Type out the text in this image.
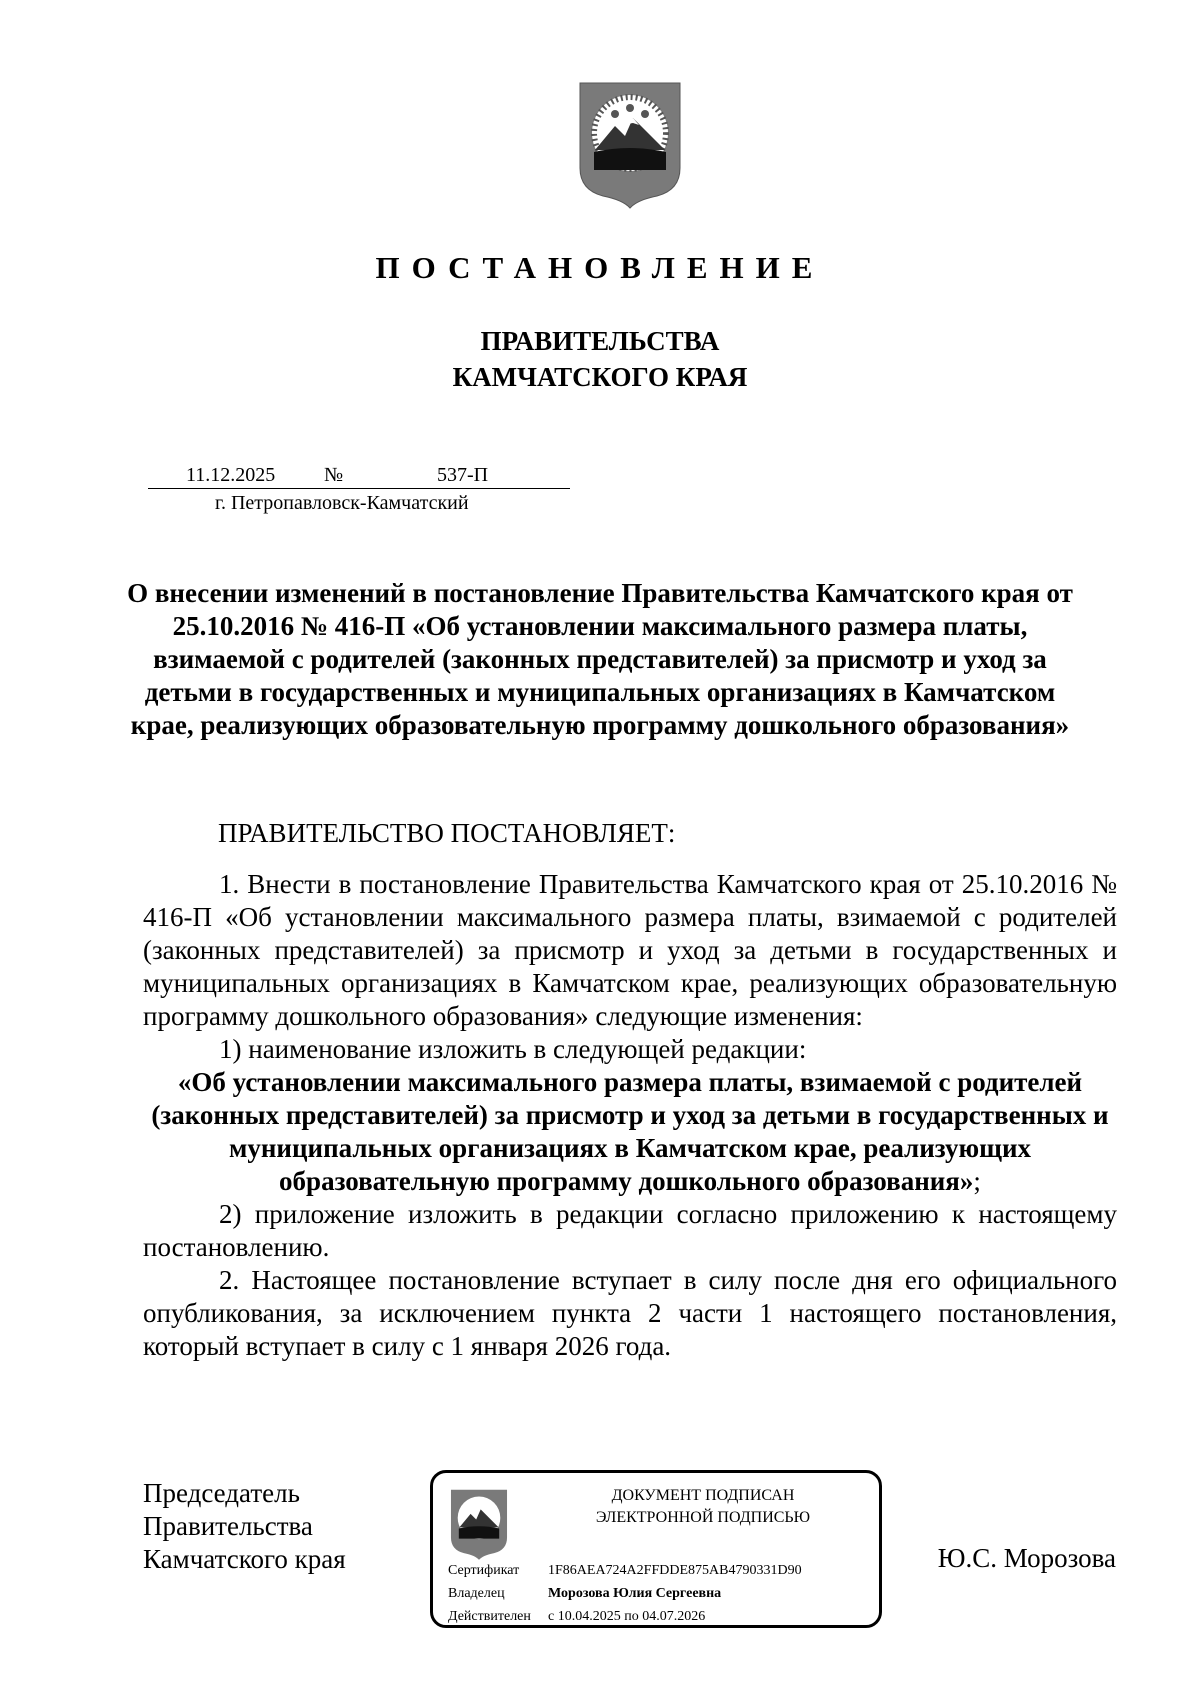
ПОСТАНОВЛЕНИЕ
ПРАВИТЕЛЬСТВА
КАМЧАТСКОГО КРАЯ
11.12.2025 №	537-П
г. Петропавловск-Камчатский
О внесении изменений в постановление Правительства Камчатского края от 25.10.2016 № 416-П «Об установлении максимального размера платы, взимаемой с родителей (законных представителей) за присмотр и уход за детьми в государственных и муниципальных организациях в Камчатском крае, реализующих образовательную программу дошкольного образования»
ПРАВИТЕЛЬСТВО ПОСТАНОВЛЯЕТ:

1. Внести в постановление Правительства Камчатского края от 25.10.2016 № 416-П «Об установлении максимального размера платы, взимаемой с родителей (законных представителей) за присмотр и уход за детьми в государственных и муниципальных организациях в Камчатском крае, реализующих образовательную программу дошкольного образования» следующие изменения:

1) наименование изложить в следующей редакции:

«Об установлении максимального размера платы, взимаемой с родителей (законных представителей) за присмотр и уход за детьми в государственных и муниципальных организациях в Камчатском крае, реализующих образовательную программу дошкольного образования»;

2) приложение изложить в редакции согласно приложению к настоящему постановлению.

2. Настоящее постановление вступает в силу после дня его официального опубликования, за исключением пункта 2 части 1 настоящего постановления, который вступает в силу с 1 января 2026 года.

Председатель
Правительства
Камчатского края
ДОКУМЕНТ ПОДПИСАН
ЭЛЕКТРОННОЙ ПОДПИСЬЮ
Сертификат 1F86AEA724A2FFDDE875AB4790331D90
Владелец	Морозова Юлия Сергеевна
Действителен с 10.04.2025 по 04.07.2026
Ю.С. Морозова
